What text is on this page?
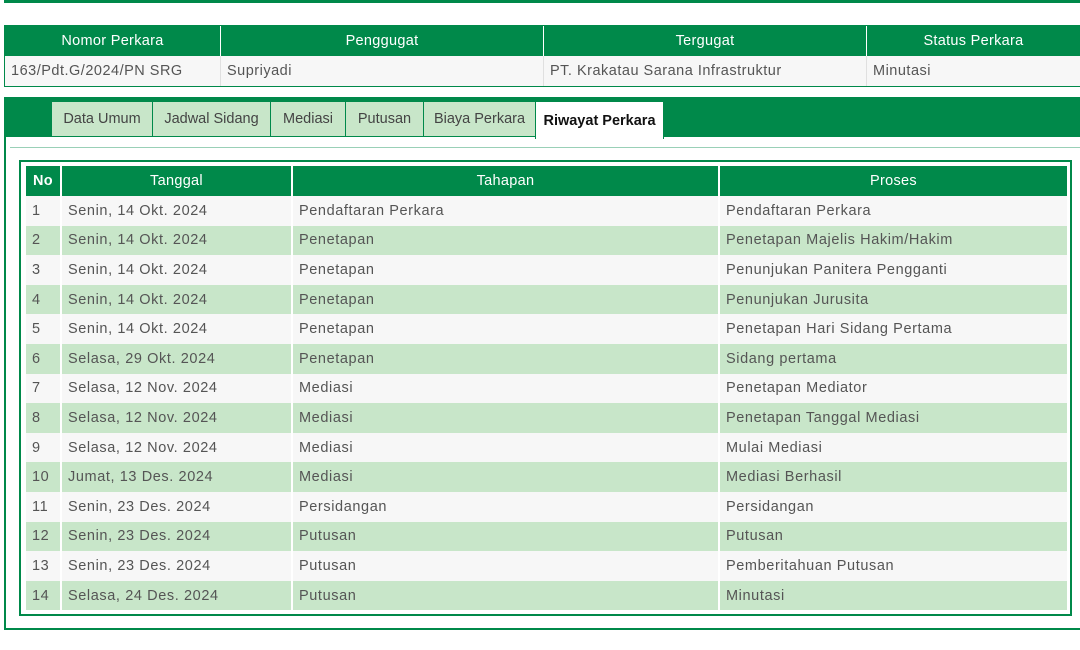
Nomor Perkara	Penggugat	Tergugat	Status Perkara
163/Pdt.G/2024/PN SRG	Supriyadi	PT. Krakatau Sarana Infrastruktur	Minutasi
Data Umum	Jadwal Sidang	Mediasi	Putusan	Biaya Perkara	Riwayat Perkara
No	Tanggal	Tahapan	Proses
1	Senin, 14 Okt. 2024	Pendaftaran Perkara	Pendaftaran Perkara
2	Senin, 14 Okt. 2024	Penetapan	Penetapan Majelis Hakim/Hakim
3	Senin, 14 Okt. 2024	Penetapan	Penunjukan Panitera Pengganti
4	Senin, 14 Okt. 2024	Penetapan	Penunjukan Jurusita
5	Senin, 14 Okt. 2024	Penetapan	Penetapan Hari Sidang Pertama
6	Selasa, 29 Okt. 2024	Penetapan	Sidang pertama
7	Selasa, 12 Nov. 2024	Mediasi	Penetapan Mediator
8	Selasa, 12 Nov. 2024	Mediasi	Penetapan Tanggal Mediasi
9	Selasa, 12 Nov. 2024	Mediasi	Mulai Mediasi
10	Jumat, 13 Des. 2024	Mediasi	Mediasi Berhasil
11	Senin, 23 Des. 2024	Persidangan	Persidangan
12	Senin, 23 Des. 2024	Putusan	Putusan
13	Senin, 23 Des. 2024	Putusan	Pemberitahuan Putusan
14	Selasa, 24 Des. 2024	Putusan	Minutasi
